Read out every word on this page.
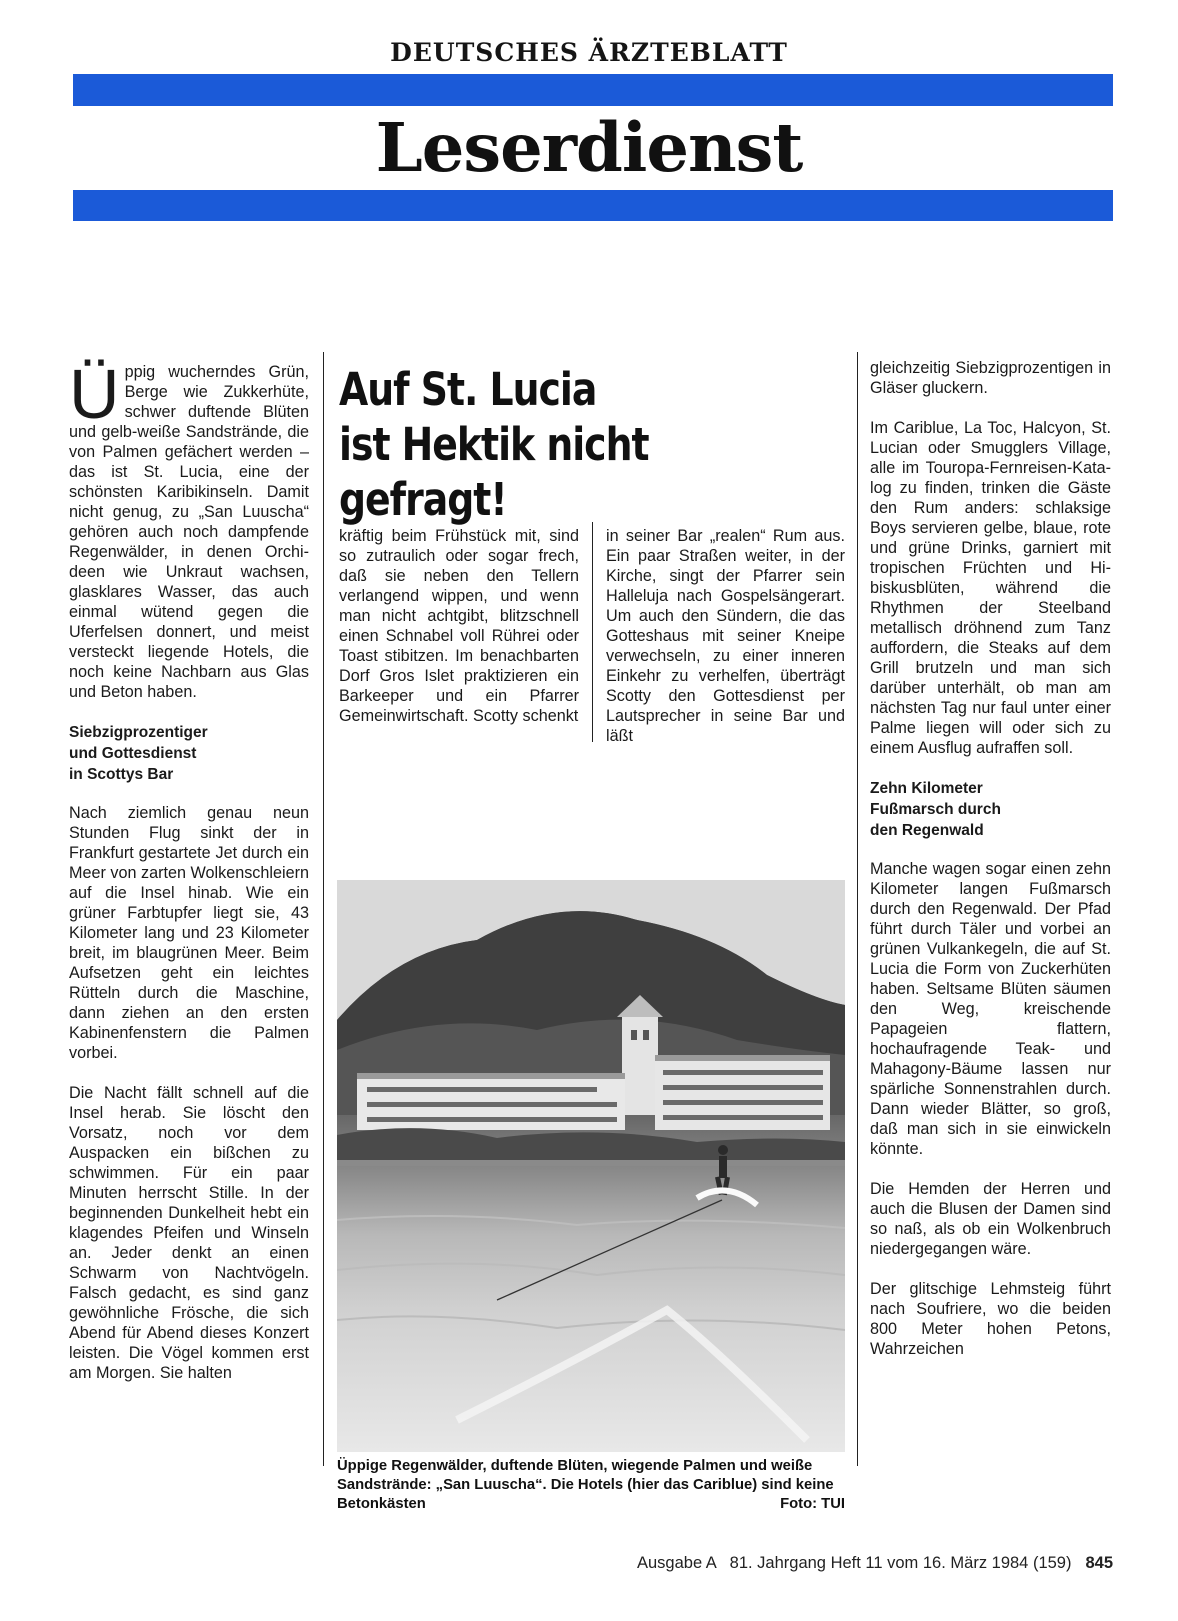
DEUTSCHES ÄRZTEBLATT
Leserdienst

Üppig wucherndes Grün, Berge wie Zukkerhüte, schwer duftende Blüten und gelb-weiße Sandstrände, die von Palmen gefächert werden – das ist St. Lucia, eine der schönsten Karibikinseln. Damit nicht genug, zu „San Luuscha“ gehören auch noch dampfende Regenwälder, in denen Orchideen wie Unkraut wachsen, glasklares Wasser, das auch einmal wütend gegen die Uferfelsen donnert, und meist versteckt liegende Hotels, die noch keine Nachbarn aus Glas und Beton haben.

Siebzigprozentiger
und Gottesdienst
in Scottys Bar

Nach ziemlich genau neun Stunden Flug sinkt der in Frankfurt gestartete Jet durch ein Meer von zarten Wolkenschleiern auf die Insel hinab. Wie ein grüner Farbtupfer liegt sie, 43 Kilometer lang und 23 Kilometer breit, im blaugrünen Meer. Beim Aufsetzen geht ein leichtes Rütteln durch die Maschine, dann ziehen an den ersten Kabinenfenstern die Palmen vorbei.

Die Nacht fällt schnell auf die Insel herab. Sie löscht den Vorsatz, noch vor dem Auspacken ein bißchen zu schwimmen. Für ein paar Minuten herrscht Stille. In der beginnenden Dunkelheit hebt ein klagendes Pfeifen und Winseln an. Jeder denkt an einen Schwarm von Nachtvögeln. Falsch gedacht, es sind ganz gewöhnliche Frösche, die sich Abend für Abend dieses Konzert leisten. Die Vögel kommen erst am Morgen. Sie halten

Auf St. Lucia
ist Hektik nicht gefragt!

kräftig beim Frühstück mit, sind so zutraulich oder sogar frech, daß sie neben den Tellern verlangend wippen, und wenn man nicht achtgibt, blitzschnell einen Schnabel voll Rührei oder Toast stibitzen. Im benachbarten Dorf Gros Islet praktizieren ein Barkeeper und ein Pfarrer Gemeinwirtschaft. Scotty schenkt

in seiner Bar „realen“ Rum aus. Ein paar Straßen weiter, in der Kirche, singt der Pfarrer sein Halleluja nach Gospelsängerart. Um auch den Sündern, die das Gotteshaus mit seiner Kneipe verwechseln, zu einer inneren Einkehr zu verhelfen, überträgt Scotty den Gottesdienst per Lautsprecher in seine Bar und läßt

Üppige Regenwälder, duftende Blüten, wiegende Palmen und weiße Sandstrände: „San Luuscha“. Die Hotels (hier das Cariblue) sind keine Betonkästen	Foto: TUI

gleichzeitig Siebzigprozentigen in Gläser gluckern.

Im Cariblue, La Toc, Halcyon, St. Lucian oder Smugglers Village, alle im Touropa-Fernreisen-Katalog zu finden, trinken die Gäste den Rum anders: schlaksige Boys servieren gelbe, blaue, rote und grüne Drinks, garniert mit tropischen Früchten und Hibiskusblüten, während die Rhythmen der Steelband metallisch dröhnend zum Tanz auffordern, die Steaks auf dem Grill brutzeln und man sich darüber unterhält, ob man am nächsten Tag nur faul unter einer Palme liegen will oder sich zu einem Ausflug aufraffen soll.

Zehn Kilometer
Fußmarsch durch
den Regenwald

Manche wagen sogar einen zehn Kilometer langen Fußmarsch durch den Regenwald. Der Pfad führt durch Täler und vorbei an grünen Vulkankegeln, die auf St. Lucia die Form von Zuckerhüten haben. Seltsame Blüten säumen den Weg, kreischende Papageien flattern, hochaufragende Teak- und Mahagony-Bäume lassen nur spärliche Sonnenstrahlen durch. Dann wieder Blätter, so groß, daß man sich in sie einwickeln könnte.

Die Hemden der Herren und auch die Blusen der Damen sind so naß, als ob ein Wolkenbruch niedergegangen wäre.

Der glitschige Lehmsteig führt nach Soufriere, wo die beiden 800 Meter hohen Petons, Wahrzeichen

Ausgabe A   81. Jahrgang Heft 11 vom 16. März 1984 (159) 845
